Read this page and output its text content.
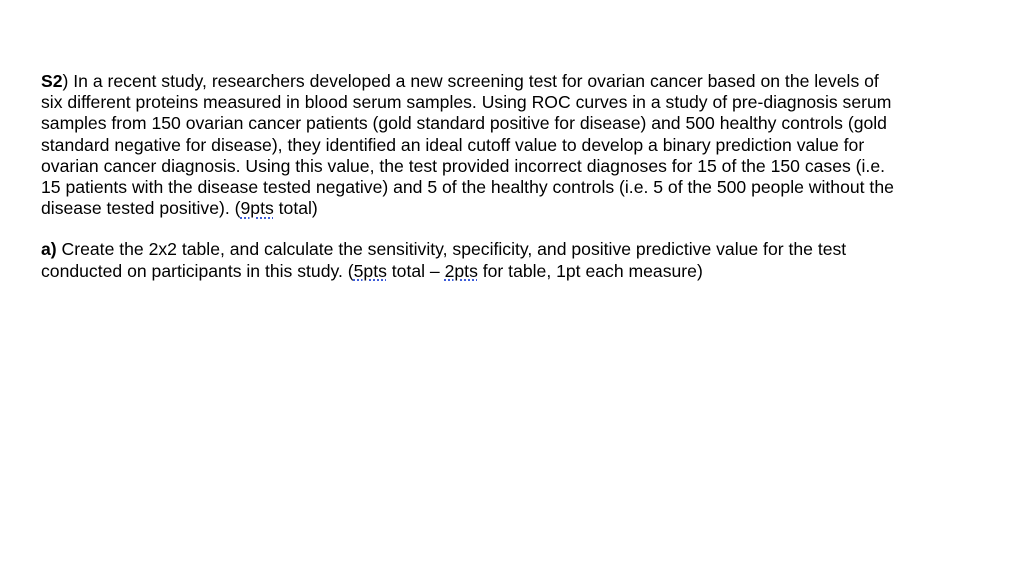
S2) In a recent study, researchers developed a new screening test for ovarian cancer based on the levels of
six different proteins measured in blood serum samples. Using ROC curves in a study of pre-diagnosis serum
samples from 150 ovarian cancer patients (gold standard positive for disease) and 500 healthy controls (gold
standard negative for disease), they identified an ideal cutoff value to develop a binary prediction value for
ovarian cancer diagnosis. Using this value, the test provided incorrect diagnoses for 15 of the 150 cases (i.e.
15 patients with the disease tested negative) and 5 of the healthy controls (i.e. 5 of the 500 people without the
disease tested positive). (9pts total)

a) Create the 2x2 table, and calculate the sensitivity, specificity, and positive predictive value for the test
conducted on participants in this study. (5pts total – 2pts for table, 1pt each measure)
